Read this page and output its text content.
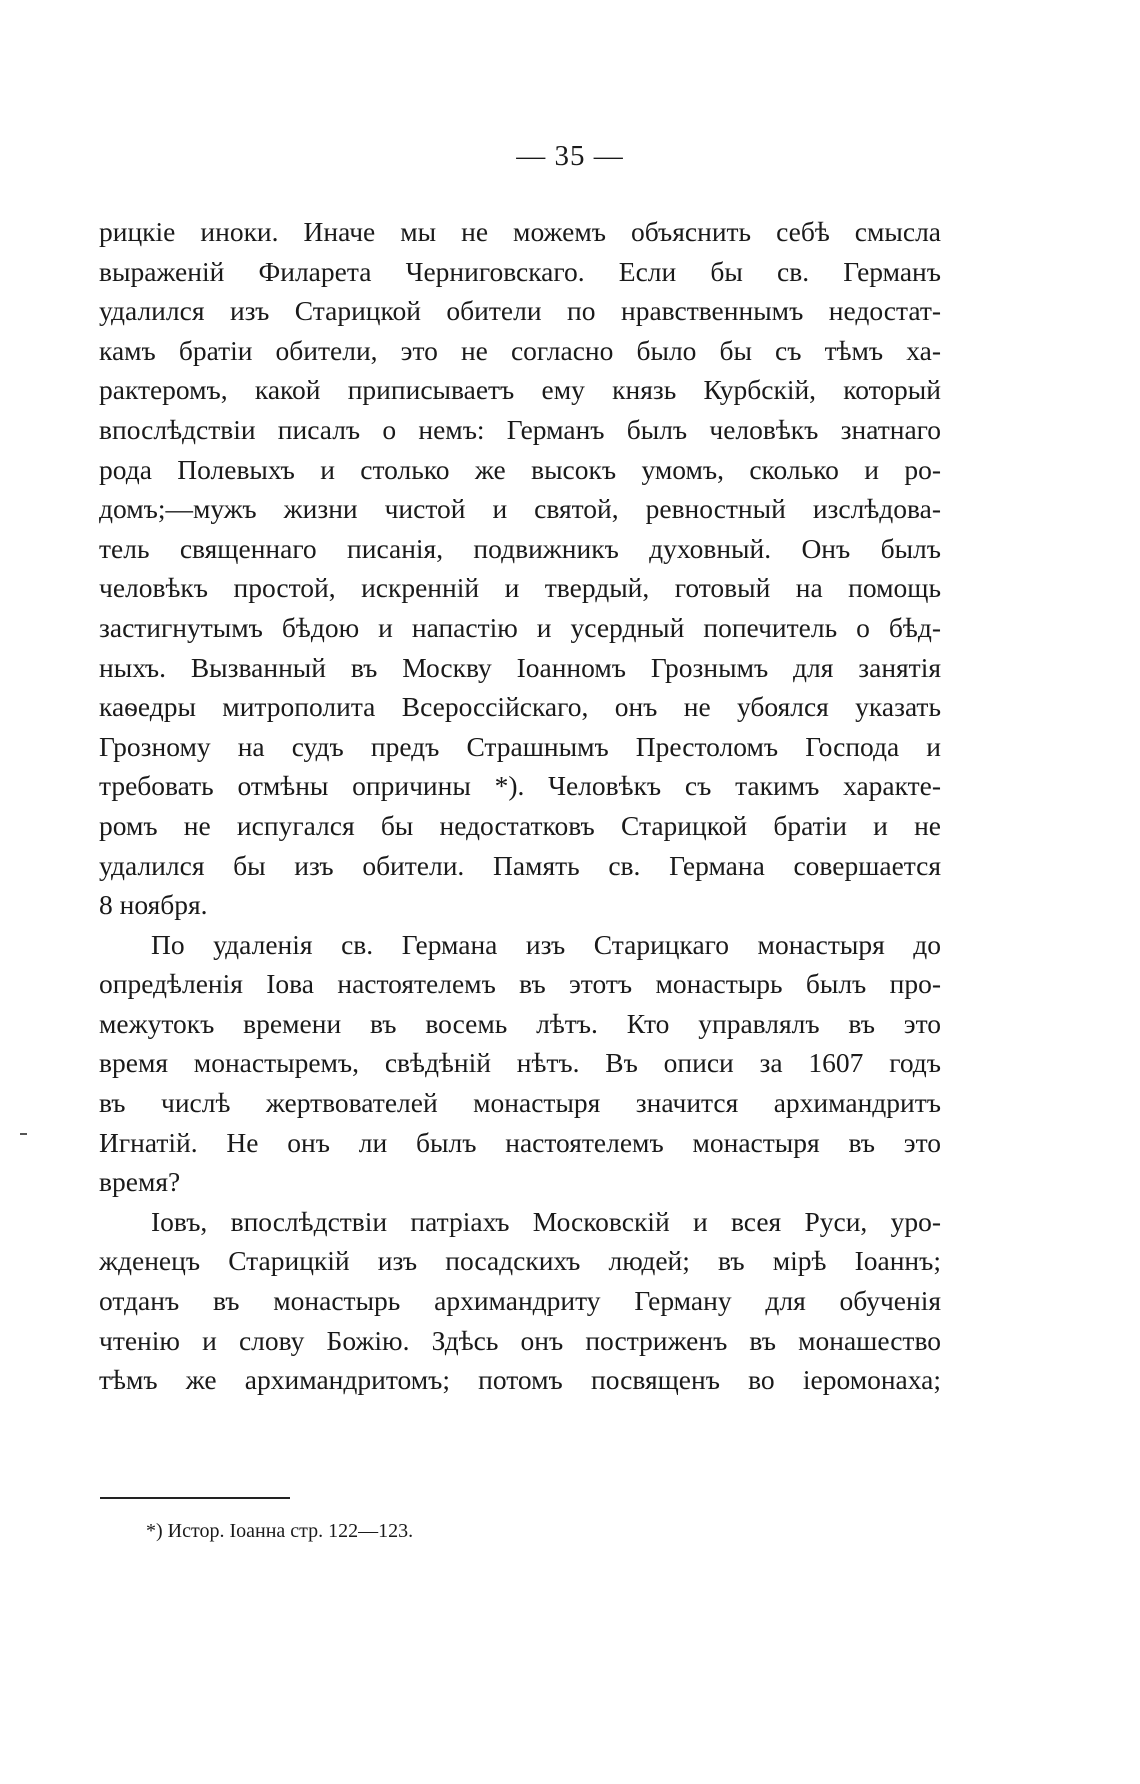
— 35 —
рицкіе иноки. Иначе мы не можемъ объяснить себѣ смысла
выраженій Филарета Черниговскаго. Если бы св. Германъ
удалился изъ Старицкой обители по нравственнымъ недостат-
камъ братіи обители, это не согласно было бы съ тѣмъ ха-
рактеромъ, какой приписываетъ ему князь Курбскій, который
впослѣдствіи писалъ о немъ: Германъ былъ человѣкъ знатнаго
рода Полевыхъ и столько же высокъ умомъ, сколько и ро-
домъ;—мужъ жизни чистой и святой, ревностный изслѣдова-
тель священнаго писанія, подвижникъ духовный. Онъ былъ
человѣкъ простой, искренній и твердый, готовый на помощь
застигнутымъ бѣдою и напастію и усердный попечитель о бѣд-
ныхъ. Вызванный въ Москву Іоанномъ Грознымъ для занятія
каѳедры митрополита Всероссійскаго, онъ не убоялся указать
Грозному на судъ предъ Страшнымъ Престоломъ Господа и
требовать отмѣны опричины *). Человѣкъ съ такимъ характе-
ромъ не испугался бы недостатковъ Старицкой братіи и не
удалился бы изъ обители. Память св. Германа совершается
8 ноября.
По удаленія св. Германа изъ Старицкаго монастыря до
опредѣленія Іова настоятелемъ въ этотъ монастырь былъ про-
межутокъ времени въ восемь лѣтъ. Кто управлялъ въ это
время монастыремъ, свѣдѣній нѣтъ. Въ описи за 1607 годъ
въ числѣ жертвователей монастыря значится архимандритъ
Игнатій. Не онъ ли былъ настоятелемъ монастыря въ это
время?
Іовъ, впослѣдствіи патріахъ Московскій и всея Руси, уро-
жденецъ Старицкій изъ посадскихъ людей; въ мірѣ Іоаннъ;
отданъ въ монастырь архимандриту Герману для обученія
чтенію и слову Божію. Здѣсь онъ постриженъ въ монашество
тѣмъ же архимандритомъ; потомъ посвященъ во іеромонаха;
*) Истор. Іоанна стр. 122—123.
